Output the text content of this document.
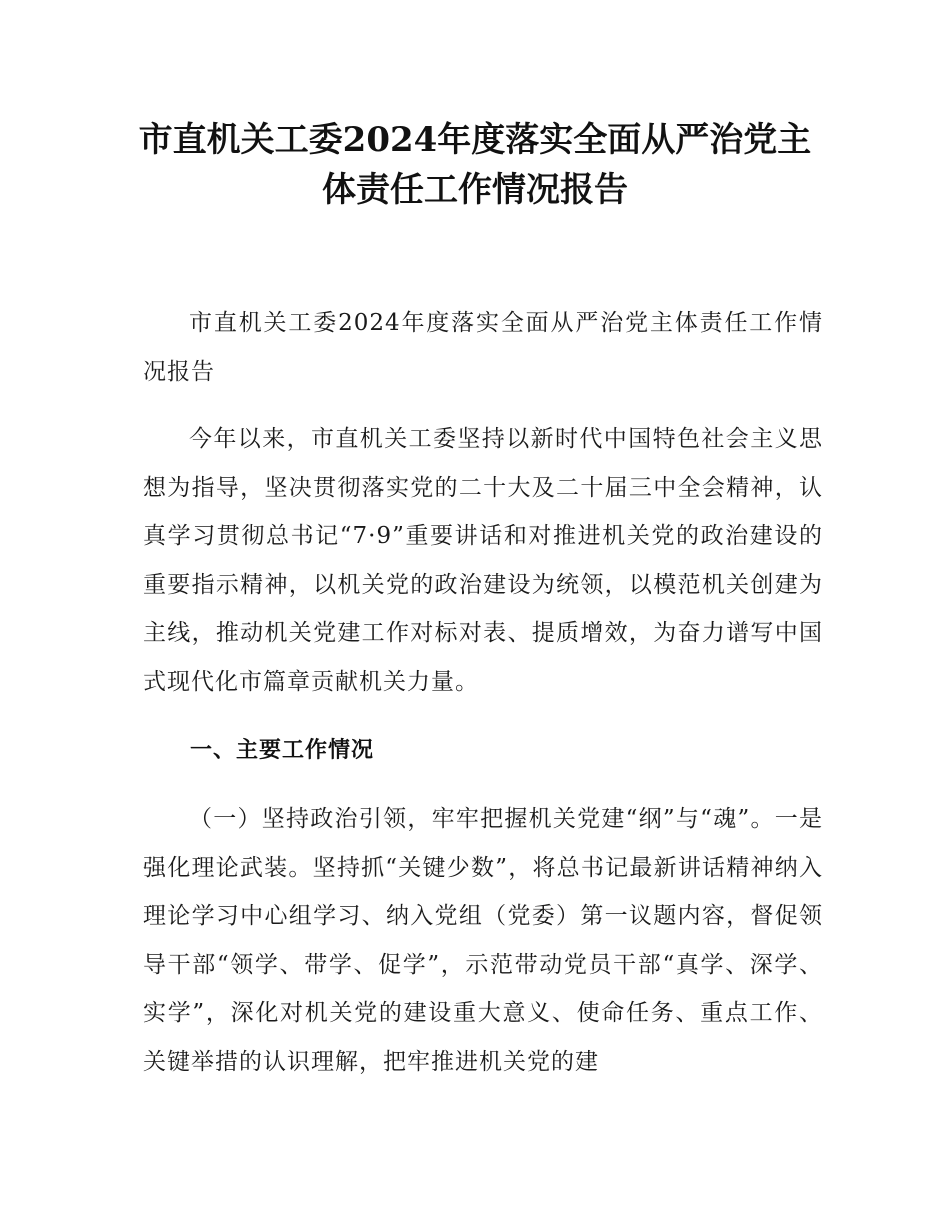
市直机关工委2024年度落实全面从严治党主
体责任工作情况报告
市直机关工委2024年度落实全面从严治党主体责任工作情况报告
今年以来，市直机关工委坚持以新时代中国特色社会主义思想为指导，坚决贯彻落实党的二十大及二十届三中全会精神，认真学习贯彻总书记“7·9”重要讲话和对推进机关党的政治建设的重要指示精神，以机关党的政治建设为统领，以模范机关创建为主线，推动机关党建工作对标对表、提质增效，为奋力谱写中国式现代化市篇章贡献机关力量。
一、主要工作情况
（一）坚持政治引领，牢牢把握机关党建“纲”与“魂”。一是强化理论武装。坚持抓“关键少数”，将总书记最新讲话精神纳入理论学习中心组学习、纳入党组（党委）第一议题内容，督促领导干部“领学、带学、促学”，示范带动党员干部“真学、深学、实学”，深化对机关党的建设重大意义、使命任务、重点工作、关键举措的认识理解，把牢推进机关党的建
